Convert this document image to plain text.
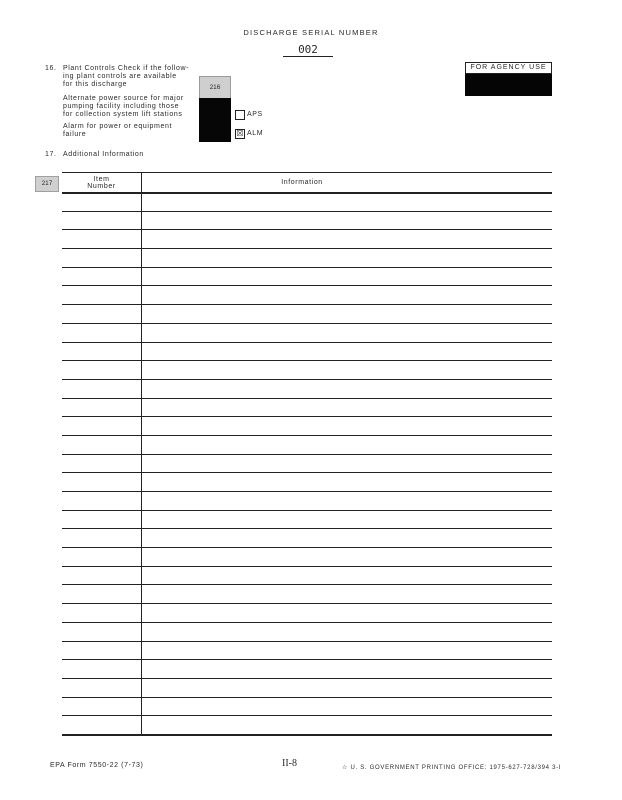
DISCHARGE SERIAL NUMBER
002
FOR AGENCY USE
16. Plant Controls Check if the follow-
ing plant controls are available
for this discharge	216
Alternate power source for major
pumping facility including those
for collection system lift stations	APS
Alarm for power or equipment
failure	☒ ALM
17. Additional Information
217
Item
Number
Information
EPA Form 7550-22 (7-73)	II-8	☆ U. S. GOVERNMENT PRINTING OFFICE: 1975-627-728/394 3-I
